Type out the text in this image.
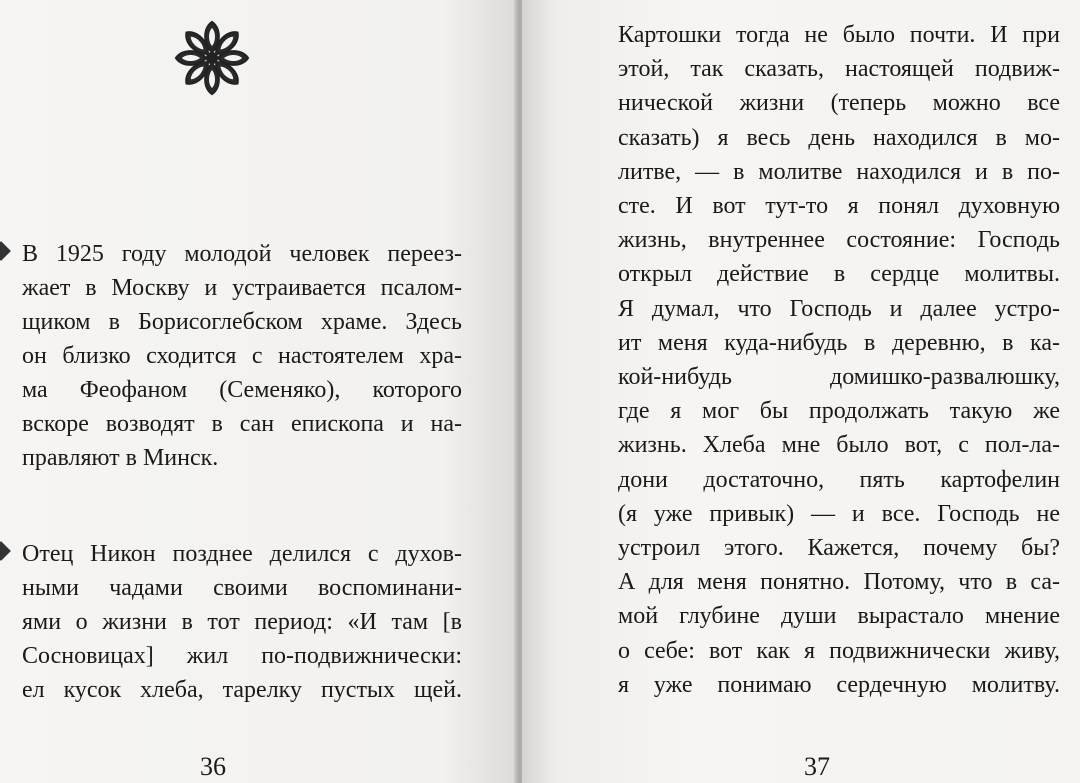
В 1925 году молодой человек переез-
жает в Москву и устраивается псалом-
щиком в Борисоглебском храме. Здесь
он близко сходится с настоятелем хра-
ма Феофаном (Семеняко), которого
вскоре возводят в сан епископа и на-
правляют в Минск.
Отец Никон позднее делился с духов-
ными чадами своими воспоминани-
ями о жизни в тот период: «И там [в
Сосновицах] жил по-подвижнически:
ел кусок хлеба, тарелку пустых щей.
36
Картошки тогда не было почти. И при
этой, так сказать, настоящей подвиж-
нической жизни (теперь можно все
сказать) я весь день находился в мо-
литве, — в молитве находился и в по-
сте. И вот тут-то я понял духовную
жизнь, внутреннее состояние: Господь
открыл действие в сердце молитвы.
Я думал, что Господь и далее устро-
ит меня куда-нибудь в деревню, в ка-
кой-нибудь домишко-развалюшку,
где я мог бы продолжать такую же
жизнь. Хлеба мне было вот, с пол-ла-
дони достаточно, пять картофелин
(я уже привык) — и все. Господь не
устроил этого. Кажется, почему бы?
А для меня понятно. Потому, что в са-
мой глубине души вырастало мнение
о себе: вот как я подвижнически живу,
я уже понимаю сердечную молитву.
37
